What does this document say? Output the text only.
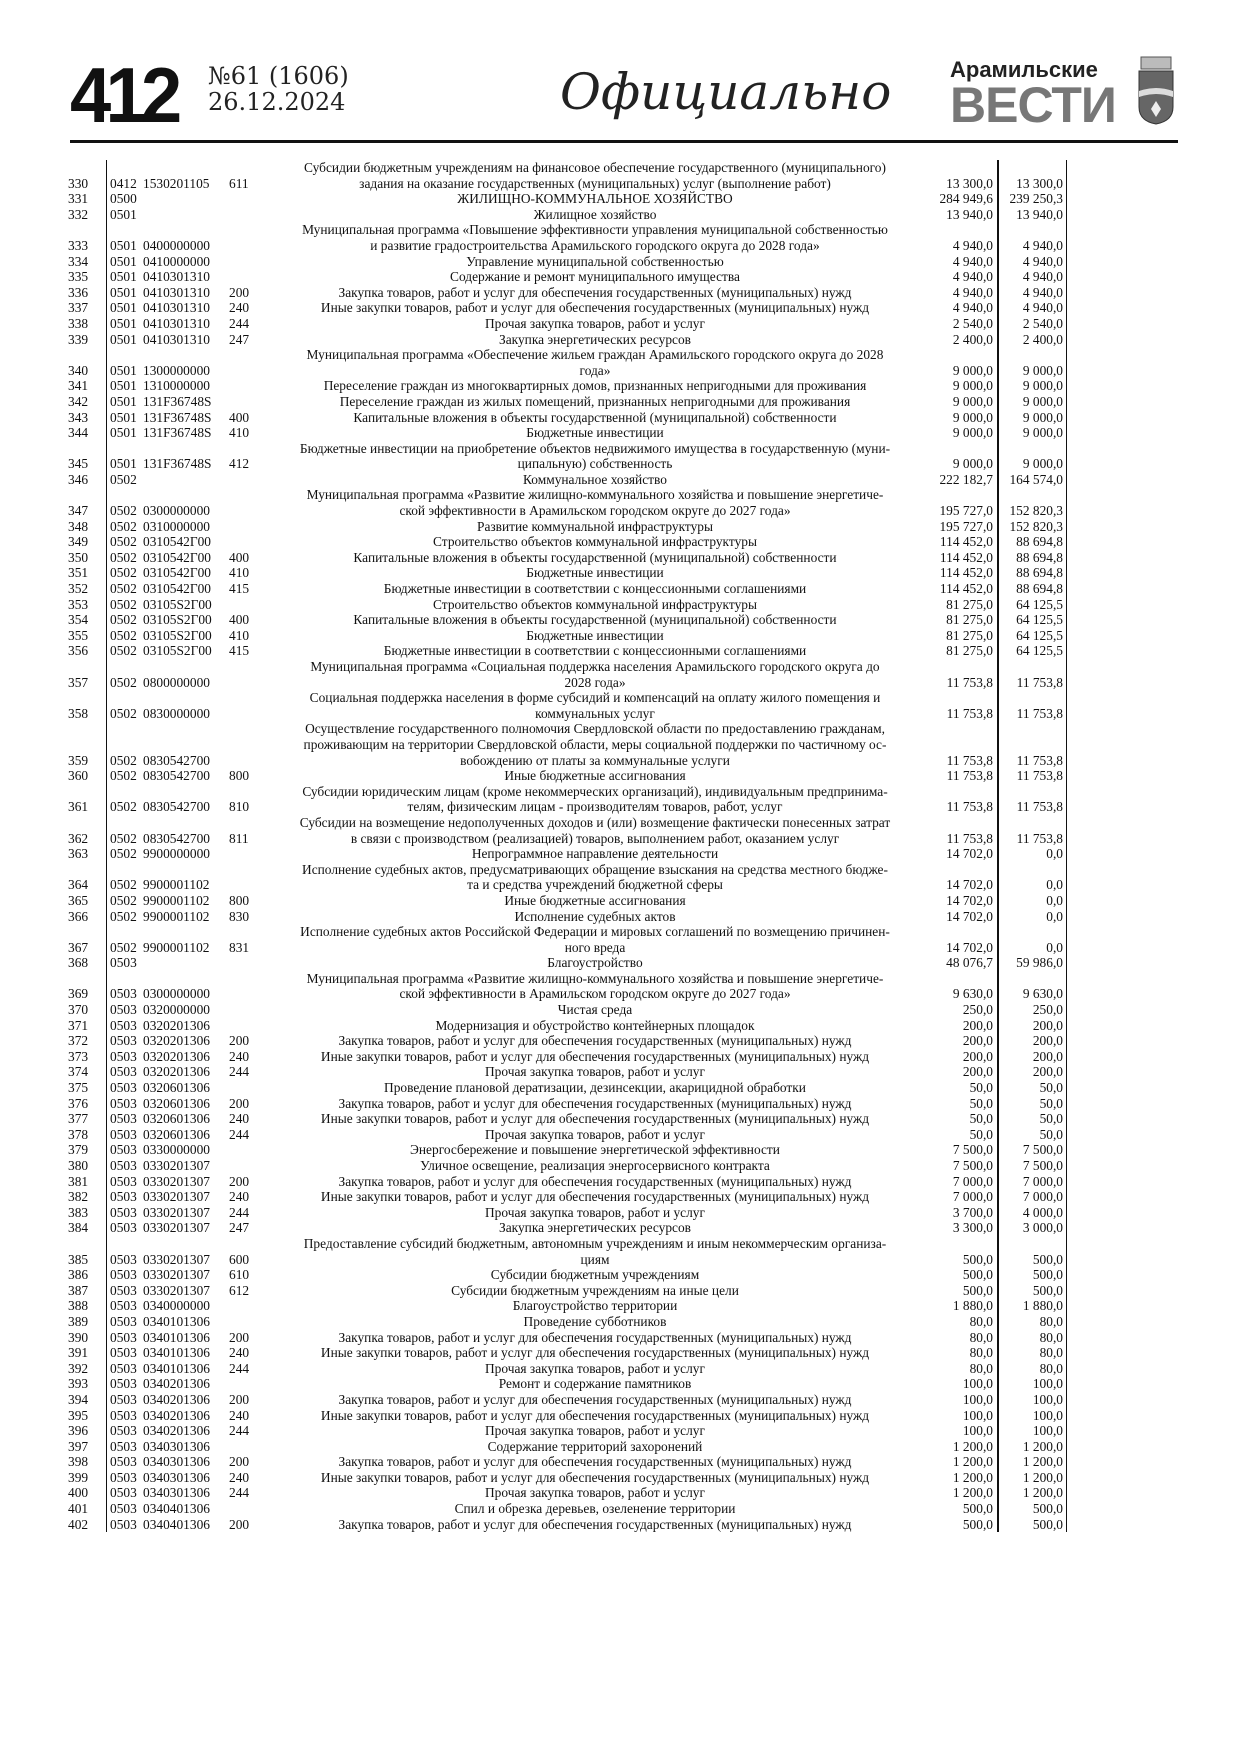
412 №61 (1606)
26.12.2024	Официально	Арамильские
ВЕСТИ
330	0412	1530201105	611	Субсидии бюджетным учреждениям на финансовое обеспечение государственного (муниципального)
задания на оказание государственных (муниципальных) услуг (выполнение работ)	13 300,0	13 300,0
331	0500			ЖИЛИЩНО-КОММУНАЛЬНОЕ ХОЗЯЙСТВО	284 949,6	239 250,3
332	0501			Жилищное хозяйство	13 940,0	13 940,0
333	0501	0400000000		Муниципальная программа «Повышение эффективности управления муниципальной собственностью
и развитие градостроительства Арамильского городского округа до 2028 года»	4 940,0	4 940,0
334	0501	0410000000		Управление муниципальной собственностью	4 940,0	4 940,0
335	0501	0410301310		Содержание и ремонт муниципального имущества	4 940,0	4 940,0
336	0501	0410301310	200	Закупка товаров, работ и услуг для обеспечения государственных (муниципальных) нужд	4 940,0	4 940,0
337	0501	0410301310	240	Иные закупки товаров, работ и услуг для обеспечения государственных (муниципальных) нужд	4 940,0	4 940,0
338	0501	0410301310	244	Прочая закупка товаров, работ и услуг	2 540,0	2 540,0
339	0501	0410301310	247	Закупка энергетических ресурсов	2 400,0	2 400,0
340	0501	1300000000		Муниципальная программа «Обеспечение жильем граждан Арамильского городского округа до 2028
года»	9 000,0	9 000,0
341	0501	1310000000		Переселение граждан из многоквартирных домов, признанных непригодными для проживания	9 000,0	9 000,0
342	0501	131F36748S		Переселение граждан из жилых помещений, признанных непригодными для проживания	9 000,0	9 000,0
343	0501	131F36748S	400	Капитальные вложения в объекты государственной (муниципальной) собственности	9 000,0	9 000,0
344	0501	131F36748S	410	Бюджетные инвестиции	9 000,0	9 000,0
345	0501	131F36748S	412	Бюджетные инвестиции на приобретение объектов недвижимого имущества в государственную (муни-
ципальную) собственность	9 000,0	9 000,0
346	0502			Коммунальное хозяйство	222 182,7	164 574,0
347	0502	0300000000		Муниципальная программа «Развитие жилищно-коммунального хозяйства и повышение энергетиче-
ской эффективности в Арамильском городском округе до 2027 года»	195 727,0	152 820,3
348	0502	0310000000		Развитие коммунальной инфраструктуры	195 727,0	152 820,3
349	0502	0310542Г00		Строительство объектов коммунальной инфраструктуры	114 452,0	88 694,8
350	0502	0310542Г00	400	Капитальные вложения в объекты государственной (муниципальной) собственности	114 452,0	88 694,8
351	0502	0310542Г00	410	Бюджетные инвестиции	114 452,0	88 694,8
352	0502	0310542Г00	415	Бюджетные инвестиции в соответствии с концессионными соглашениями	114 452,0	88 694,8
353	0502	03105S2Г00		Строительство объектов коммунальной инфраструктуры	81 275,0	64 125,5
354	0502	03105S2Г00	400	Капитальные вложения в объекты государственной (муниципальной) собственности	81 275,0	64 125,5
355	0502	03105S2Г00	410	Бюджетные инвестиции	81 275,0	64 125,5
356	0502	03105S2Г00	415	Бюджетные инвестиции в соответствии с концессионными соглашениями	81 275,0	64 125,5
357	0502	0800000000		Муниципальная программа «Социальная поддержка населения Арамильского городского округа до
2028 года»	11 753,8	11 753,8
358	0502	0830000000		Социальная поддержка населения в форме субсидий и компенсаций на оплату жилого помещения и
коммунальных услуг	11 753,8	11 753,8
359	0502	0830542700		Осуществление государственного полномочия Свердловской области по предоставлению гражданам,
проживающим на территории Свердловской области, меры социальной поддержки по частичному ос-
вобождению от платы за коммунальные услуги	11 753,8	11 753,8
360	0502	0830542700	800	Иные бюджетные ассигнования	11 753,8	11 753,8
361	0502	0830542700	810	Субсидии юридическим лицам (кроме некоммерческих организаций), индивидуальным предпринима-
телям, физическим лицам - производителям товаров, работ, услуг	11 753,8	11 753,8
362	0502	0830542700	811	Субсидии на возмещение недополученных доходов и (или) возмещение фактически понесенных затрат
в связи с производством (реализацией) товаров, выполнением работ, оказанием услуг	11 753,8	11 753,8
363	0502	9900000000		Непрограммное направление деятельности	14 702,0	0,0
364	0502	9900001102		Исполнение судебных актов, предусматривающих обращение взыскания на средства местного бюдже-
та и средства учреждений бюджетной сферы	14 702,0	0,0
365	0502	9900001102	800	Иные бюджетные ассигнования	14 702,0	0,0
366	0502	9900001102	830	Исполнение судебных актов	14 702,0	0,0
367	0502	9900001102	831	Исполнение судебных актов Российской Федерации и мировых соглашений по возмещению причинен-
ного вреда	14 702,0	0,0
368	0503			Благоустройство	48 076,7	59 986,0
369	0503	0300000000		Муниципальная программа «Развитие жилищно-коммунального хозяйства и повышение энергетиче-
ской эффективности в Арамильском городском округе до 2027 года»	9 630,0	9 630,0
370	0503	0320000000		Чистая среда	250,0	250,0
371	0503	0320201306		Модернизация и обустройство контейнерных площадок	200,0	200,0
372	0503	0320201306	200	Закупка товаров, работ и услуг для обеспечения государственных (муниципальных) нужд	200,0	200,0
373	0503	0320201306	240	Иные закупки товаров, работ и услуг для обеспечения государственных (муниципальных) нужд	200,0	200,0
374	0503	0320201306	244	Прочая закупка товаров, работ и услуг	200,0	200,0
375	0503	0320601306		Проведение плановой дератизации, дезинсекции, акарицидной обработки	50,0	50,0
376	0503	0320601306	200	Закупка товаров, работ и услуг для обеспечения государственных (муниципальных) нужд	50,0	50,0
377	0503	0320601306	240	Иные закупки товаров, работ и услуг для обеспечения государственных (муниципальных) нужд	50,0	50,0
378	0503	0320601306	244	Прочая закупка товаров, работ и услуг	50,0	50,0
379	0503	0330000000		Энергосбережение и повышение энергетической эффективности	7 500,0	7 500,0
380	0503	0330201307		Уличное освещение, реализация энергосервисного контракта	7 500,0	7 500,0
381	0503	0330201307	200	Закупка товаров, работ и услуг для обеспечения государственных (муниципальных) нужд	7 000,0	7 000,0
382	0503	0330201307	240	Иные закупки товаров, работ и услуг для обеспечения государственных (муниципальных) нужд	7 000,0	7 000,0
383	0503	0330201307	244	Прочая закупка товаров, работ и услуг	3 700,0	4 000,0
384	0503	0330201307	247	Закупка энергетических ресурсов	3 300,0	3 000,0
385	0503	0330201307	600	Предоставление субсидий бюджетным, автономным учреждениям и иным некоммерческим организа-
циям	500,0	500,0
386	0503	0330201307	610	Субсидии бюджетным учреждениям	500,0	500,0
387	0503	0330201307	612	Субсидии бюджетным учреждениям на иные цели	500,0	500,0
388	0503	0340000000		Благоустройство территории	1 880,0	1 880,0
389	0503	0340101306		Проведение субботников	80,0	80,0
390	0503	0340101306	200	Закупка товаров, работ и услуг для обеспечения государственных (муниципальных) нужд	80,0	80,0
391	0503	0340101306	240	Иные закупки товаров, работ и услуг для обеспечения государственных (муниципальных) нужд	80,0	80,0
392	0503	0340101306	244	Прочая закупка товаров, работ и услуг	80,0	80,0
393	0503	0340201306		Ремонт и содержание памятников	100,0	100,0
394	0503	0340201306	200	Закупка товаров, работ и услуг для обеспечения государственных (муниципальных) нужд	100,0	100,0
395	0503	0340201306	240	Иные закупки товаров, работ и услуг для обеспечения государственных (муниципальных) нужд	100,0	100,0
396	0503	0340201306	244	Прочая закупка товаров, работ и услуг	100,0	100,0
397	0503	0340301306		Содержание территорий захоронений	1 200,0	1 200,0
398	0503	0340301306	200	Закупка товаров, работ и услуг для обеспечения государственных (муниципальных) нужд	1 200,0	1 200,0
399	0503	0340301306	240	Иные закупки товаров, работ и услуг для обеспечения государственных (муниципальных) нужд	1 200,0	1 200,0
400	0503	0340301306	244	Прочая закупка товаров, работ и услуг	1 200,0	1 200,0
401	0503	0340401306		Спил и обрезка деревьев, озеленение территории	500,0	500,0
402	0503	0340401306	200	Закупка товаров, работ и услуг для обеспечения государственных (муниципальных) нужд	500,0	500,0
